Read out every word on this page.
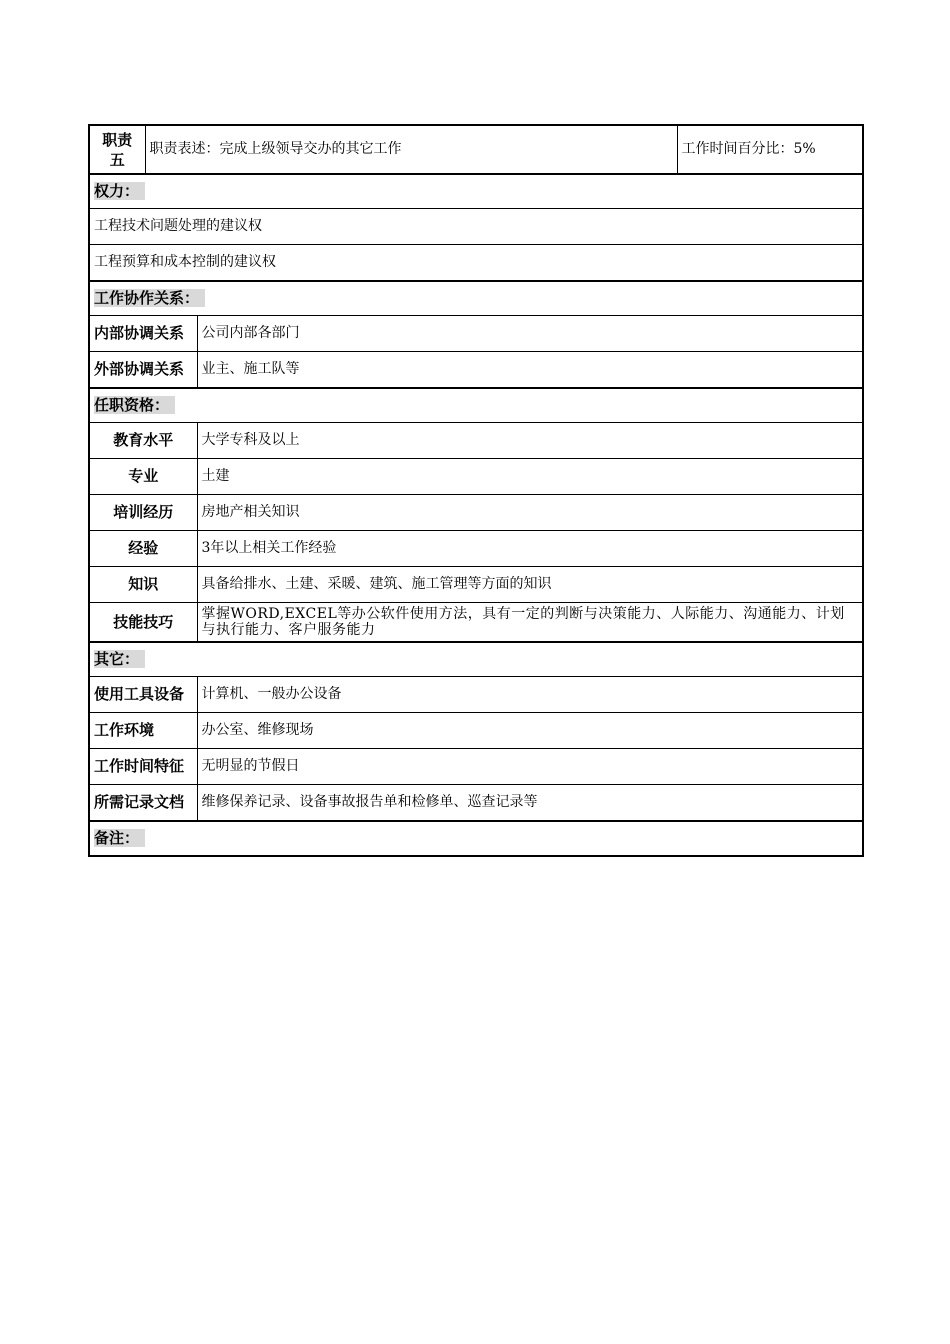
职责
五	职责表述：完成上级领导交办的其它工作		工作时间百分比：5%
权力：			
工程技术问题处理的建议权			
工程预算和成本控制的建议权			
工作协作关系：			
内部协调关系		公司内部各部门	
外部协调关系		业主、施工队等	
任职资格：			
教育水平		大学专科及以上	
专业		土建	
培训经历		房地产相关知识	
经验		3年以上相关工作经验	
知识		具备给排水、土建、采暖、建筑、施工管理等方面的知识	
技能技巧		掌握WORD,EXCEL等办公软件使用方法，具有一定的判断与决策能力、人际能力、沟通能力、计划与执行能力、客户服务能力	
其它：			
使用工具设备		计算机、一般办公设备	
工作环境		办公室、维修现场	
工作时间特征		无明显的节假日	
所需记录文档		维修保养记录、设备事故报告单和检修单、巡查记录等	
备注：			
